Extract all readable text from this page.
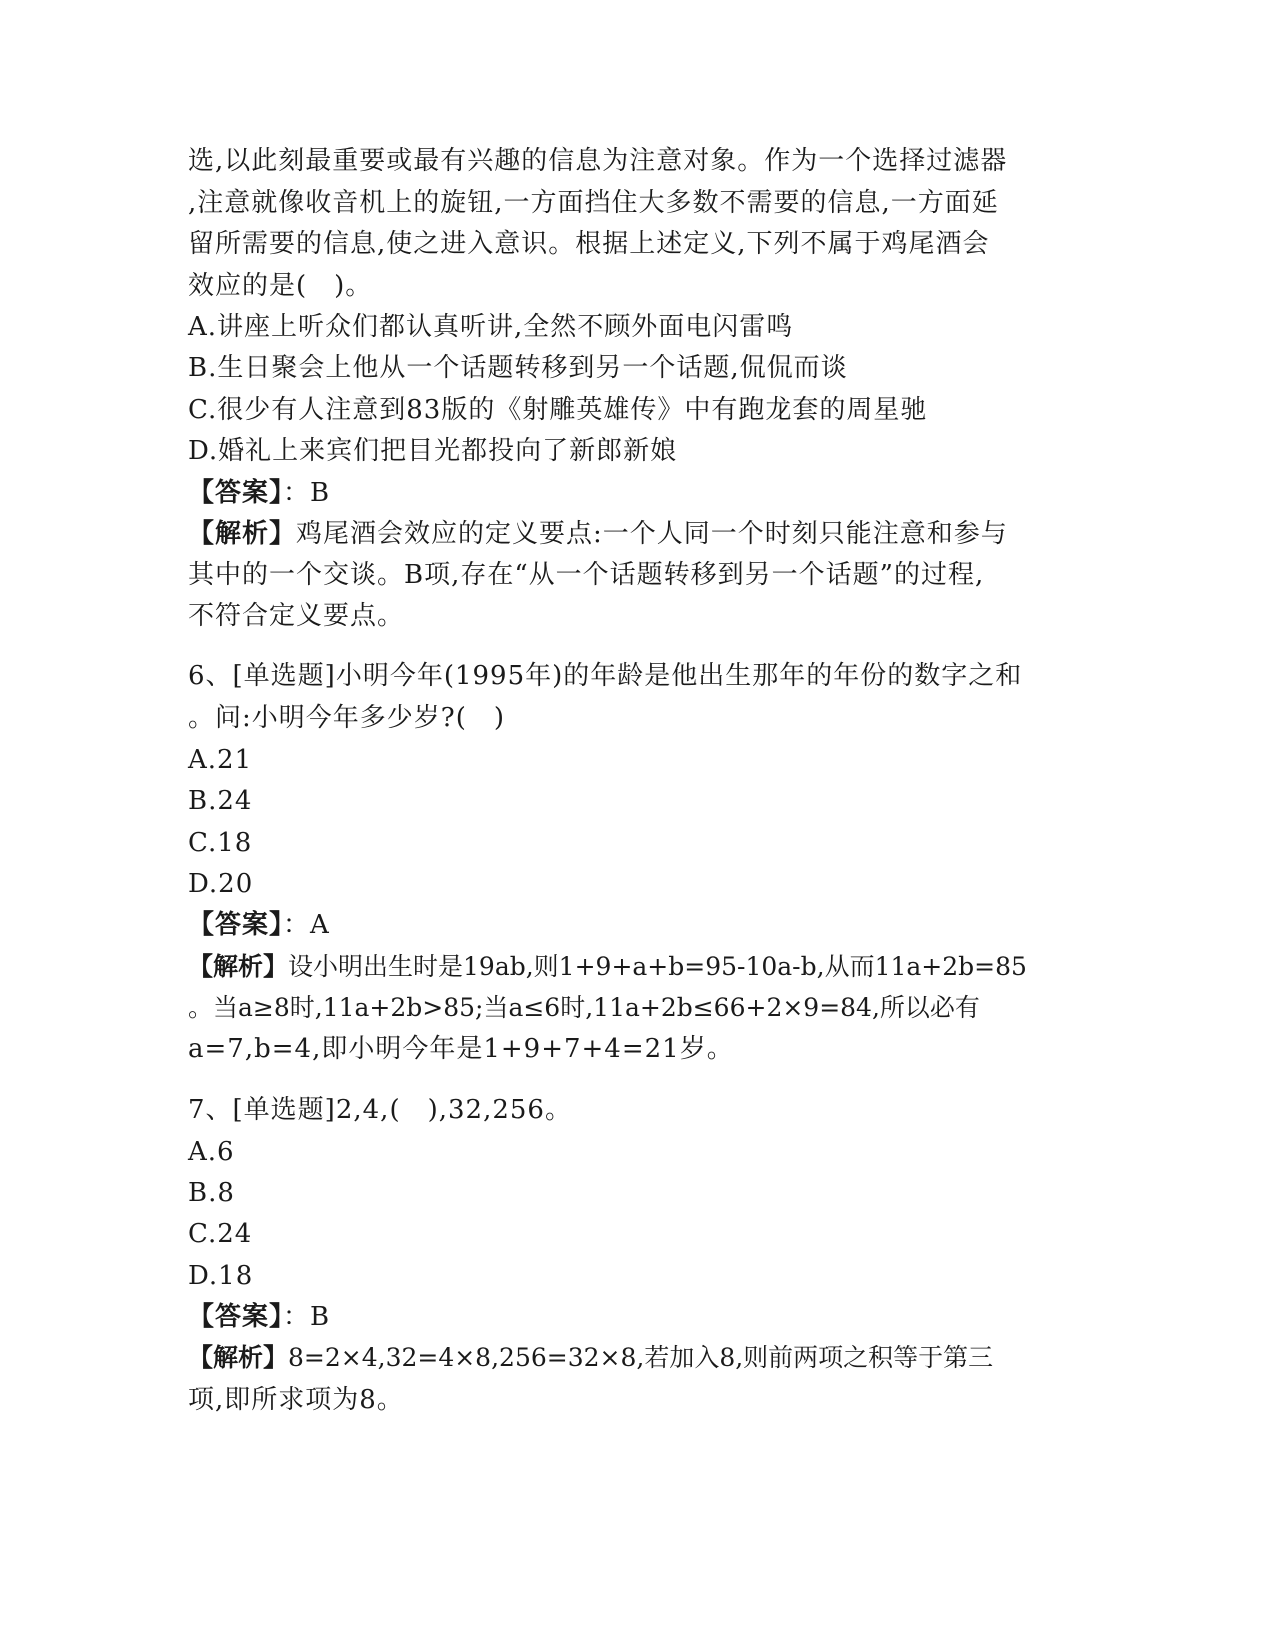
选,以此刻最重要或最有兴趣的信息为注意对象。作为一个选择过滤器
,注意就像收音机上的旋钮,一方面挡住大多数不需要的信息,一方面延
留所需要的信息,使之进入意识。根据上述定义,下列不属于鸡尾酒会
效应的是(　)。
A.讲座上听众们都认真听讲,全然不顾外面电闪雷鸣
B.生日聚会上他从一个话题转移到另一个话题,侃侃而谈
C.很少有人注意到83版的《射雕英雄传》中有跑龙套的周星驰
D.婚礼上来宾们把目光都投向了新郎新娘
【答案】：B
【解析】鸡尾酒会效应的定义要点:一个人同一个时刻只能注意和参与
其中的一个交谈。B项,存在“从一个话题转移到另一个话题”的过程,
不符合定义要点。
6、[单选题]小明今年(1995年)的年龄是他出生那年的年份的数字之和
。问:小明今年多少岁?(　)
A.21
B.24
C.18
D.20
【答案】：A
【解析】设小明出生时是19ab,则1+9+a+b=95-10a-b,从而11a+2b=85
。当a≥8时,11a+2b>85;当a≤6时,11a+2b≤66+2×9=84,所以必有
a=7,b=4,即小明今年是1+9+7+4=21岁。
7、[单选题]2,4,(　),32,256。
A.6
B.8
C.24
D.18
【答案】：B
【解析】8=2×4,32=4×8,256=32×8,若加入8,则前两项之积等于第三
项,即所求项为8。
